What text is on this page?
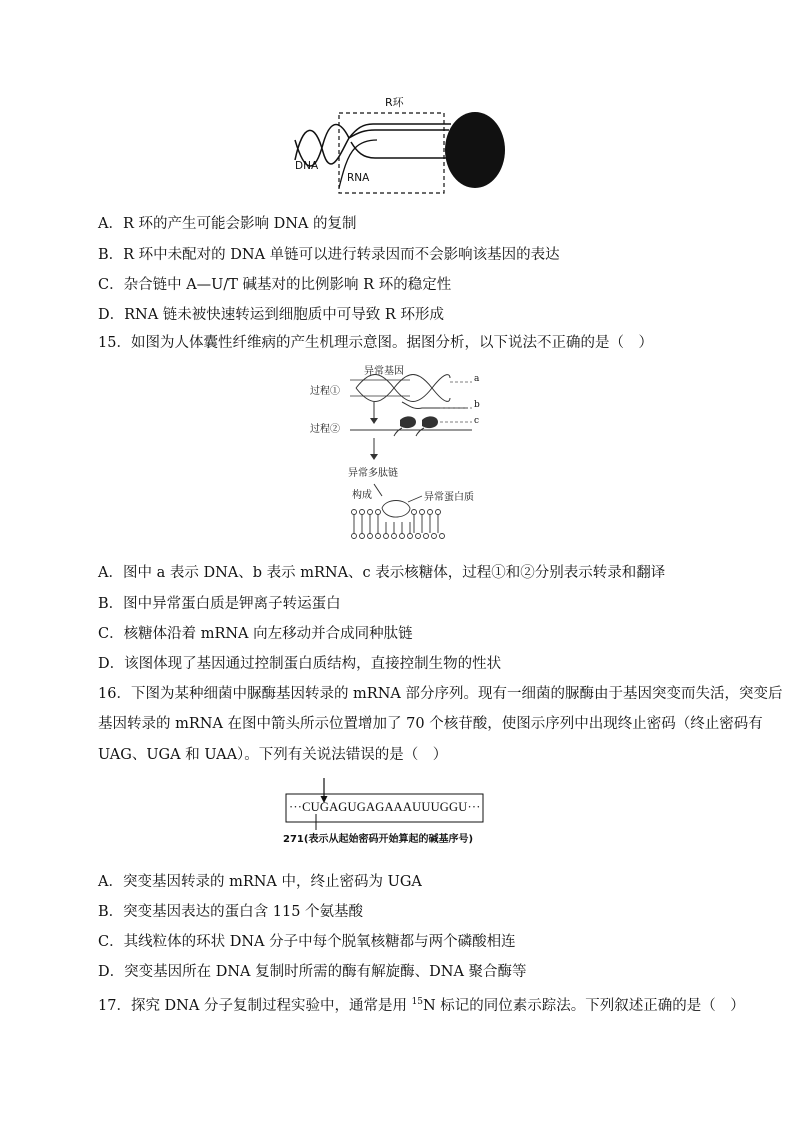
R环
DNA
RNA
A．R 环的产生可能会影响 DNA 的复制
B．R 环中未配对的 DNA 单链可以进行转录因而不会影响该基因的表达
C．杂合链中 A—U/T 碱基对的比例影响 R 环的稳定性
D．RNA 链未被快速转运到细胞质中可导致 R 环形成
15．如图为人体囊性纤维病的产生机理示意图。据图分析，以下说法不正确的是（　）
异常基因
过程①
过程②
a
b
c
异常多肽链
构成	异常蛋白质
A．图中 a 表示 DNA、b 表示 mRNA、c 表示核糖体，过程①和②分别表示转录和翻译
B．图中异常蛋白质是钾离子转运蛋白
C．核糖体沿着 mRNA 向左移动并合成同种肽链
D．该图体现了基因通过控制蛋白质结构，直接控制生物的性状
16．下图为某种细菌中脲酶基因转录的 mRNA 部分序列。现有一细菌的脲酶由于基因突变而失活，突变后
基因转录的 mRNA 在图中箭头所示位置增加了 70 个核苷酸，使图示序列中出现终止密码（终止密码有
UAG、UGA 和 UAA）。下列有关说法错误的是（　）
···CUGAGUGAGAAAUUUGGU···
271(表示从起始密码开始算起的碱基序号)
A．突变基因转录的 mRNA 中，终止密码为 UGA
B．突变基因表达的蛋白含 115 个氨基酸
C．其线粒体的环状 DNA 分子中每个脱氧核糖都与两个磷酸相连
D．突变基因所在 DNA 复制时所需的酶有解旋酶、DNA 聚合酶等
17．探究 DNA 分子复制过程实验中，通常是用 $^{15}$N 标记的同位素示踪法。下列叙述正确的是（　）
